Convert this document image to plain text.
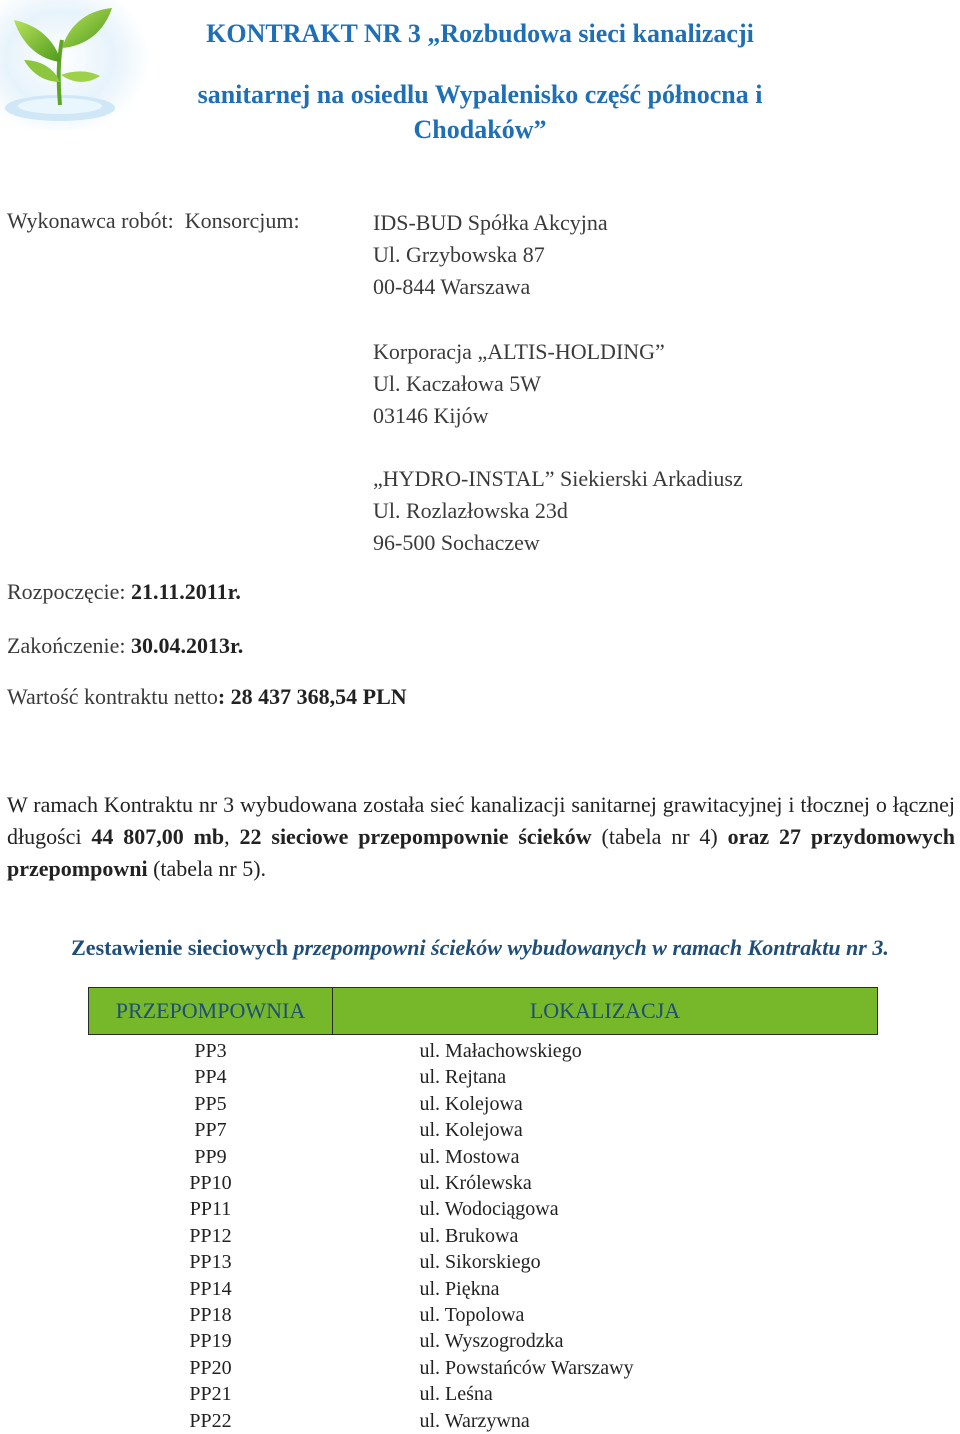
KONTRAKT NR 3 „Rozbudowa sieci kanalizacji
sanitarnej na osiedlu Wypalenisko część północna i
Chodaków”
Wykonawca robót: Konsorcjum:	IDS-BUD Spółka Akcyjna
Ul. Grzybowska 87
00-844 Warszawa
Korporacja „ALTIS-HOLDING”
Ul. Kaczałowa 5W
03146 Kijów
„HYDRO-INSTAL” Siekierski Arkadiusz
Ul. Rozlazłowska 23d
96-500 Sochaczew
Rozpoczęcie: 21.11.2011r.
Zakończenie: 30.04.2013r.
Wartość kontraktu netto: 28 437 368,54 PLN
W ramach Kontraktu nr 3 wybudowana została sieć kanalizacji sanitarnej grawitacyjnej i tłocznej o łącznej długości 44 807,00 mb, 22 sieciowe przepompownie ścieków (tabela nr 4) oraz 27 przydomowych przepompowni (tabela nr 5).
Zestawienie sieciowych przepompowni ścieków wybudowanych w ramach Kontraktu nr 3.
PRZEPOMPOWNIA	LOKALIZACJA
PP3	ul. Małachowskiego
PP4	ul. Rejtana
PP5	ul. Kolejowa
PP7	ul. Kolejowa
PP9	ul. Mostowa
PP10	ul. Królewska
PP11	ul. Wodociągowa
PP12	ul. Brukowa
PP13	ul. Sikorskiego
PP14	ul. Piękna
PP18	ul. Topolowa
PP19	ul. Wyszogrodzka
PP20	ul. Powstańców Warszawy
PP21	ul. Leśna
PP22	ul. Warzywna
